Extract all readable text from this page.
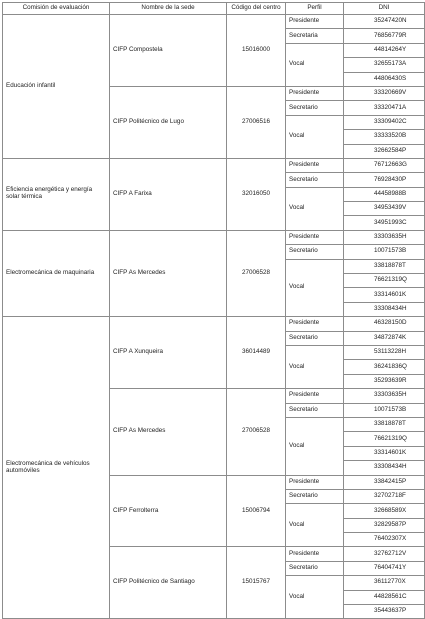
Comisión de evaluación	Nombre de la sede	Código del centro	Perfil	DNI
Educación infantil	CIFP Compostela	15016000	Presidente	35247420N
			Secretaria	76856779R
			Vocal	44814264Y
				32655173A
				44806430S
	CIFP Politécnico de Lugo	27006516	Presidente	33320669V
			Secretario	33320471A
			Vocal	33309402C
				33333520B
				32662584P
Eficiencia energética y energía solar térmica	CIFP A Farixa	32016050	Presidente	76712663G
			Secretario	76928430P
			Vocal	44458988B
				34953439V
				34951993C
Electromecánica de maquinaria	CIFP As Mercedes	27006528	Presidente	33303635H
			Secretario	10071573B
			Vocal	33818878T
				76621319Q
				33314601K
				33308434H
Electromecánica de vehículos automóviles	CIFP A Xunqueira	36014489	Presidente	46328150D
			Secretario	34872874K
			Vocal	53113228H
				36241836Q
				35293639R
	CIFP As Mercedes	27006528	Presidente	33303635H
			Secretario	10071573B
			Vocal	33818878T
				76621319Q
				33314601K
				33308434H
	CIFP Ferrolterra	15006794	Presidente	33842415P
			Secretario	32702718F
			Vocal	32668589X
				32829587P
				76402307X
	CIFP Politécnico de Santiago	15015767	Presidente	32762712V
			Secretario	76404741Y
			Vocal	36112770X
				44828561C
				35443637P
